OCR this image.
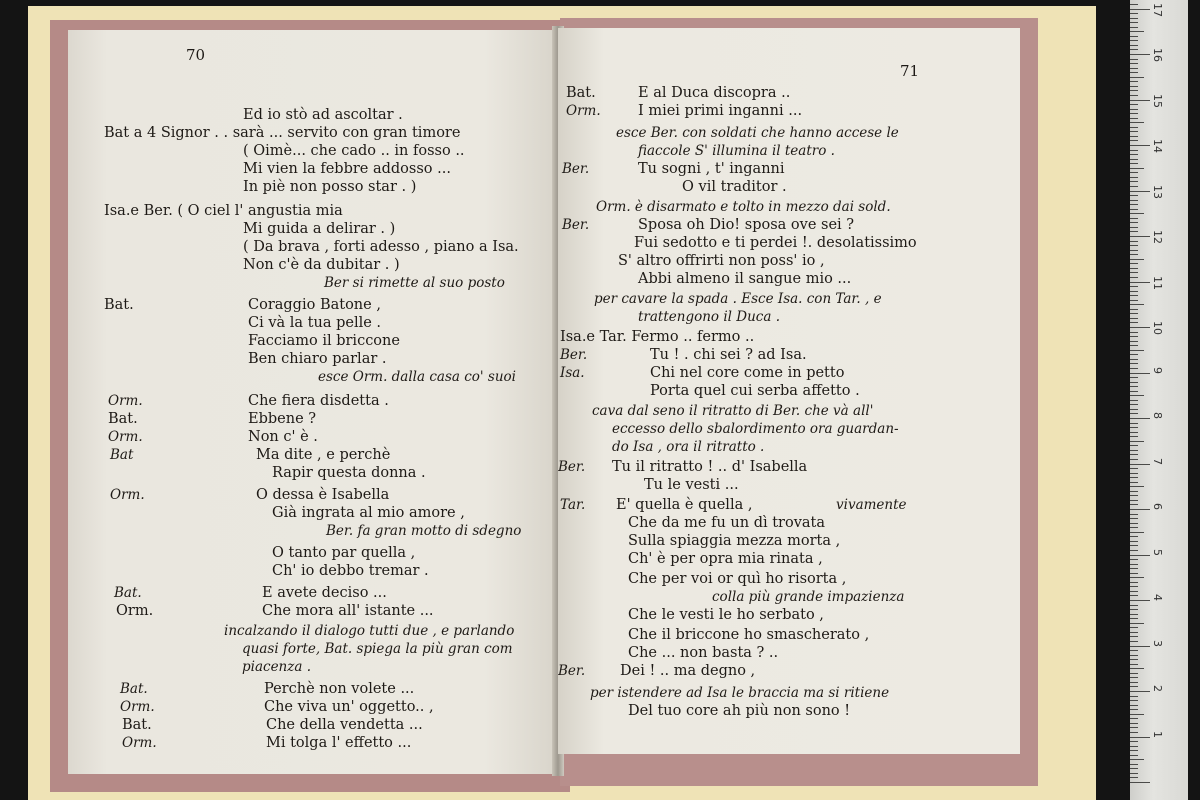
70
Ed io stò ad ascoltar .
Bat a 4 Signor . . sarà ... servito con gran timore
( Oimè... che cado .. in fosso ..
Mi vien la febbre addosso ...
In piè non posso star . )
Isa.e Ber. ( O ciel l' angustia mia
Mi guida a delirar . )
( Da brava , forti adesso , piano a Isa.
Non c'è da dubitar . )
Ber si rimette al suo posto
Bat.	Coraggio Batone ,
Ci và la tua pelle .
Facciamo il briccone
Ben chiaro parlar .
esce Orm. dalla casa co' suoi
Orm.	Che fiera disdetta .
Bat.	Ebbene ?
Orm.	Non c' è .
Bat	Ma dite , e perchè
Rapir questa donna .
Orm.	O dessa è Isabella
Già ingrata al mio amore ,
Ber. fa gran motto di sdegno
O tanto par quella ,
Ch' io debbo tremar .
Bat.	E avete deciso ...
Orm.	Che mora all' istante ...
incalzando il dialogo tutti due , e parlando
quasi forte, Bat. spiega la più gran com
piacenza .
Bat.	Perchè non volete ...
Orm.	Che viva un' oggetto.. ,
Bat.	Che della vendetta ...
Orm.	Mi tolga l' effetto ...
71
Bat.	E al Duca discopra ..
Orm.	I miei primi inganni ...
esce Ber. con soldati che hanno accese le
fiaccole S' illumina il teatro .
Ber.	Tu sogni , t' inganni
O vil traditor .
Orm. è disarmato e tolto in mezzo dai sold.
Ber.	Sposa oh Dio! sposa ove sei ?
Fui sedotto e ti perdei !. desolatissimo
S' altro offrirti non poss' io ,
Abbi almeno il sangue mio ...
per cavare la spada . Esce Isa. con Tar. , e
trattengono il Duca .
Isa.e Tar. Fermo .. fermo ..
Ber.	Tu ! . chi sei ? ad Isa.
Isa.	Chi nel core come in petto
Porta quel cui serba affetto .
cava dal seno il ritratto di Ber. che và all'
eccesso dello sbalordimento ora guardan-
do Isa , ora il ritratto .
Ber. Tu il ritratto ! .. d' Isabella
Tu le vesti ...
Tar. E' quella è quella ,	vivamente
Che da me fu un dì trovata
Sulla spiaggia mezza morta ,
Ch' è per opra mia rinata ,
Che per voi or quì ho risorta ,
colla più grande impazienza
Che le vesti le ho serbato ,
Che il briccone ho smascherato ,
Che ... non basta ? ..
Ber. Dei ! .. ma degno ,
per istendere ad Isa le braccia ma si ritiene
Del tuo core ah più non sono !
1
2
3
4
5
6
7
8
9
10
11
12
13
14
15
16
17
